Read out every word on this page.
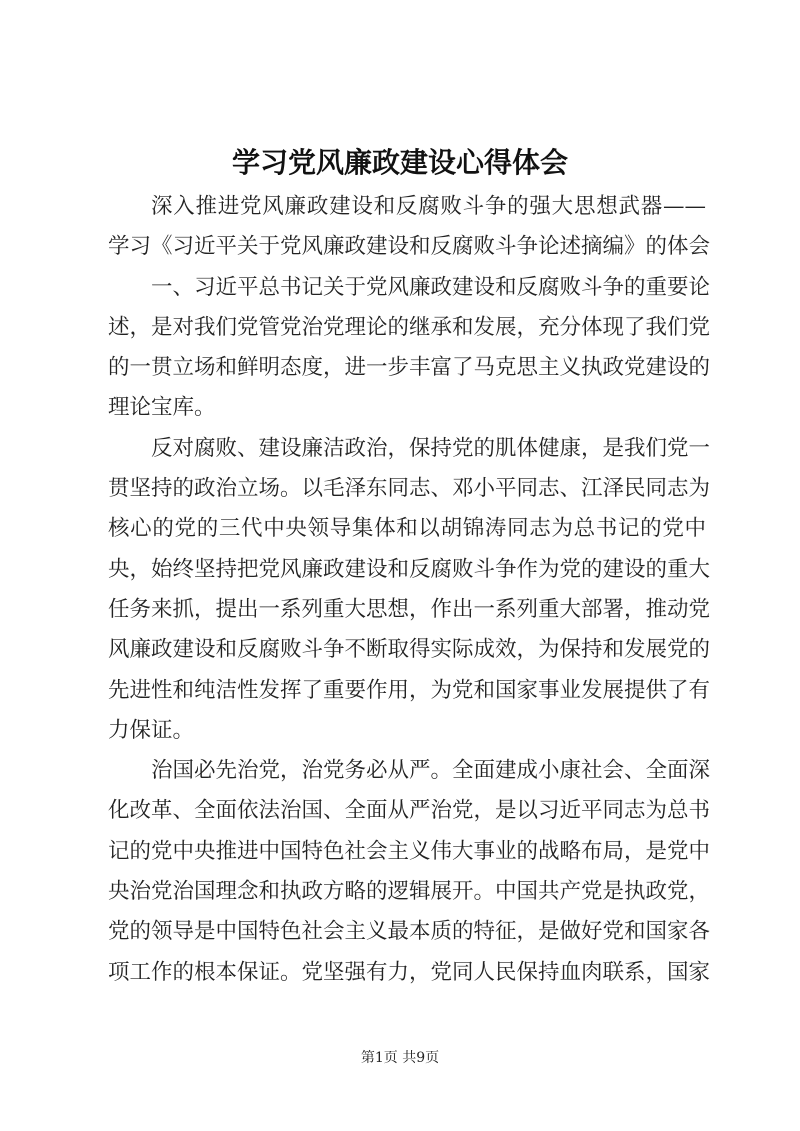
学习党风廉政建设心得体会
深入推进党风廉政建设和反腐败斗争的强大思想武器——
学习《习近平关于党风廉政建设和反腐败斗争论述摘编》的体会
一、习近平总书记关于党风廉政建设和反腐败斗争的重要论
述，是对我们党管党治党理论的继承和发展，充分体现了我们党
的一贯立场和鲜明态度，进一步丰富了马克思主义执政党建设的
理论宝库。
反对腐败、建设廉洁政治，保持党的肌体健康，是我们党一
贯坚持的政治立场。以毛泽东同志、邓小平同志、江泽民同志为
核心的党的三代中央领导集体和以胡锦涛同志为总书记的党中
央，始终坚持把党风廉政建设和反腐败斗争作为党的建设的重大
任务来抓，提出一系列重大思想，作出一系列重大部署，推动党
风廉政建设和反腐败斗争不断取得实际成效，为保持和发展党的
先进性和纯洁性发挥了重要作用，为党和国家事业发展提供了有
力保证。
治国必先治党，治党务必从严。全面建成小康社会、全面深
化改革、全面依法治国、全面从严治党，是以习近平同志为总书
记的党中央推进中国特色社会主义伟大事业的战略布局，是党中
央治党治国理念和执政方略的逻辑展开。中国共产党是执政党，
党的领导是中国特色社会主义最本质的特征，是做好党和国家各
项工作的根本保证。党坚强有力，党同人民保持血肉联系，国家
第1页 共9页
